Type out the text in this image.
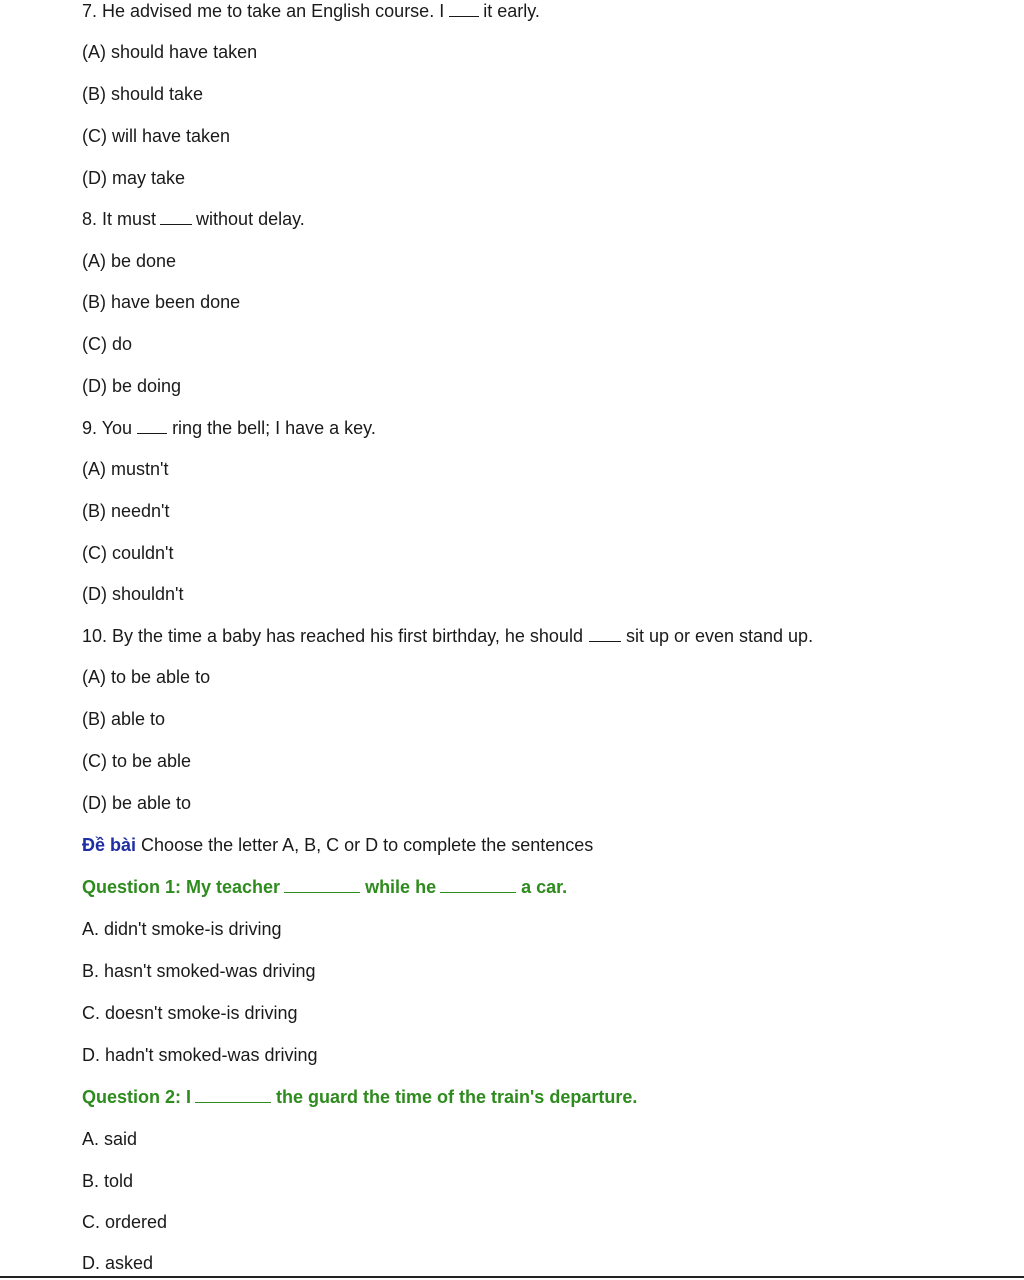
7. He advised me to take an English course. I it early.
(A) should have taken
(B) should take
(C) will have taken
(D) may take
8. It must without delay.
(A) be done
(B) have been done
(C) do
(D) be doing
9. You ring the bell; I have a key.
(A) mustn't
(B) needn't
(C) couldn't
(D) shouldn't
10. By the time a baby has reached his first birthday, he should sit up or even stand up.
(A) to be able to
(B) able to
(C) to be able
(D) be able to
Đề bài Choose the letter A, B, C or D to complete the sentences
Question 1: My teacher	while he	a car.
A. didn't smoke-is driving
B. hasn't smoked-was driving
C. doesn't smoke-is driving
D. hadn't smoked-was driving
Question 2: I	the guard the time of the train's departure.
A. said
B. told
C. ordered
D. asked
